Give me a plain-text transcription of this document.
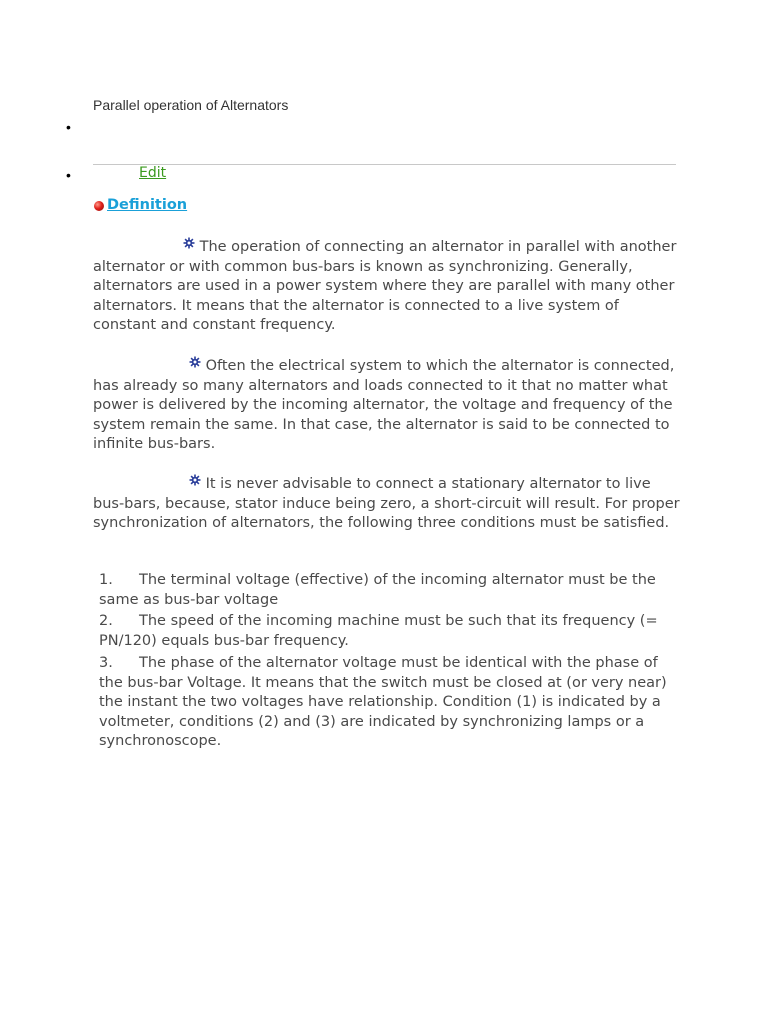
Parallel operation of Alternators
•
•	Edit
Definition
The operation of connecting an alternator in parallel with another alternator or with common bus-bars is known as synchronizing. Generally, alternators are used in a power system where they are parallel with many other alternators. It means that the alternator is connected to a live system of constant and constant frequency.
Often the electrical system to which the alternator is connected, has already so many alternators and loads connected to it that no matter what power is delivered by the incoming alternator, the voltage and frequency of the system remain the same. In that case, the alternator is said to be connected to infinite bus-bars.
It is never advisable to connect a stationary alternator to live bus-bars, because, stator induce being zero, a short-circuit will result. For proper synchronization of alternators, the following three conditions must be satisfied.
1. The terminal voltage (effective) of the incoming alternator must be the same as bus-bar voltage
2. The speed of the incoming machine must be such that its frequency (= PN/120) equals bus-bar frequency.
3. The phase of the alternator voltage must be identical with the phase of the bus-bar Voltage. It means that the switch must be closed at (or very near) the instant the two voltages have relationship. Condition (1) is indicated by a voltmeter, conditions (2) and (3) are indicated by synchronizing lamps or a synchronoscope.
